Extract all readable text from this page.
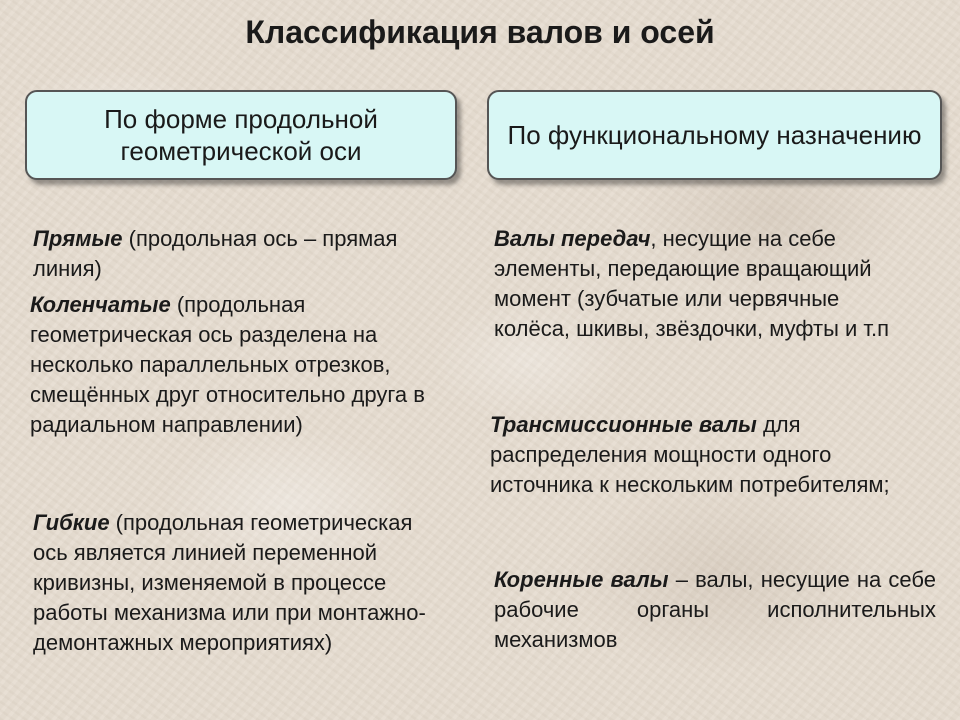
Классификация валов и осей
По форме продольной геометрической оси
По функциональному назначению

Прямые (продольная ось – прямая линия)

Коленчатые (продольная геометрическая ось разделена на несколько параллельных отрезков, смещённых друг относительно друга в радиальном направлении)

Гибкие (продольная геометрическая ось является линией переменной кривизны, изменяемой в процессе работы механизма или при монтажно-демонтажных мероприятиях)

Валы передач, несущие на себе элементы, передающие вращающий момент (зубчатые или червячные колёса, шкивы, звёздочки, муфты и т.п

Трансмиссионные валы для распределения мощности одного источника к нескольким потребителям;

Коренные валы – валы, несущие на себе рабочие органы исполнительных механизмов
